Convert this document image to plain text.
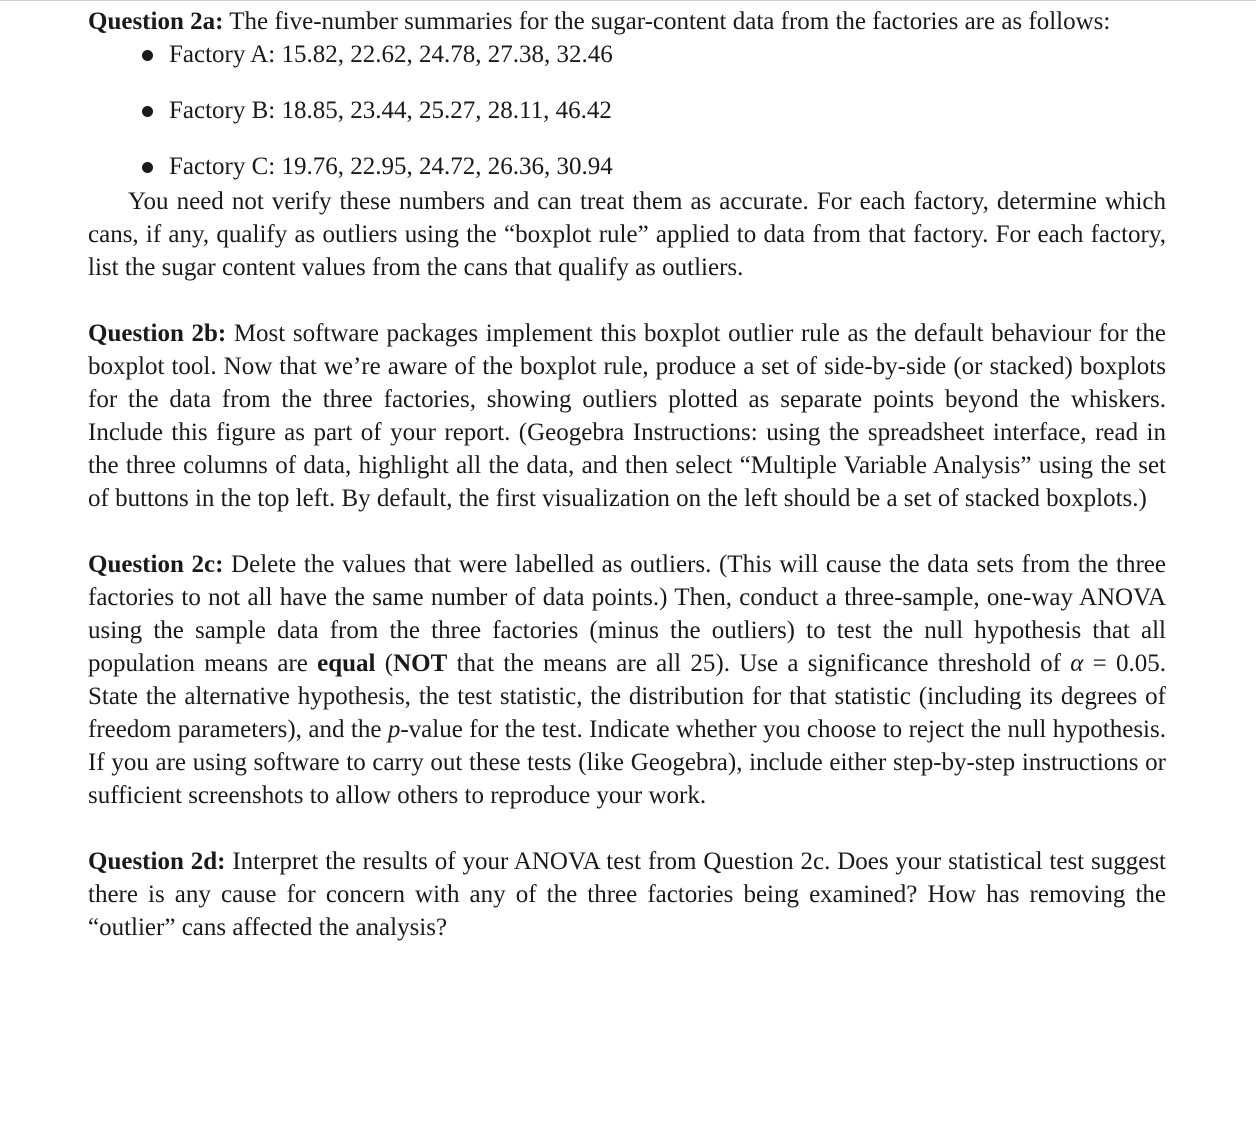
Question 2a: The five-number summaries for the sugar-content data from the factories are as follows:

Factory A: 15.82, 22.62, 24.78, 27.38, 32.46
Factory B: 18.85, 23.44, 25.27, 28.11, 46.42
Factory C: 19.76, 22.95, 24.72, 26.36, 30.94

You need not verify these numbers and can treat them as accurate. For each factory, determine which cans, if any, qualify as outliers using the “boxplot rule” applied to data from that factory. For each factory, list the sugar content values from the cans that qualify as outliers.

Question 2b: Most software packages implement this boxplot outlier rule as the default behaviour for the boxplot tool. Now that we’re aware of the boxplot rule, produce a set of side-by-side (or stacked) boxplots for the data from the three factories, showing outliers plotted as separate points beyond the whiskers. Include this figure as part of your report. (Geogebra Instructions: using the spreadsheet interface, read in the three columns of data, highlight all the data, and then select “Multiple Variable Analysis” using the set of buttons in the top left. By default, the first visualization on the left should be a set of stacked boxplots.)

Question 2c: Delete the values that were labelled as outliers. (This will cause the data sets from the three factories to not all have the same number of data points.) Then, conduct a three-sample, one-way ANOVA using the sample data from the three factories (minus the outliers) to test the null hypothesis that all population means are equal (NOT that the means are all 25). Use a significance threshold of α = 0.05. State the alternative hypothesis, the test statistic, the distribution for that statistic (including its degrees of freedom parameters), and the p-value for the test. Indicate whether you choose to reject the null hypothesis. If you are using software to carry out these tests (like Geogebra), include either step-by-step instructions or sufficient screenshots to allow others to reproduce your work.

Question 2d: Interpret the results of your ANOVA test from Question 2c. Does your statistical test suggest there is any cause for concern with any of the three factories being examined? How has removing the “outlier” cans affected the analysis?
